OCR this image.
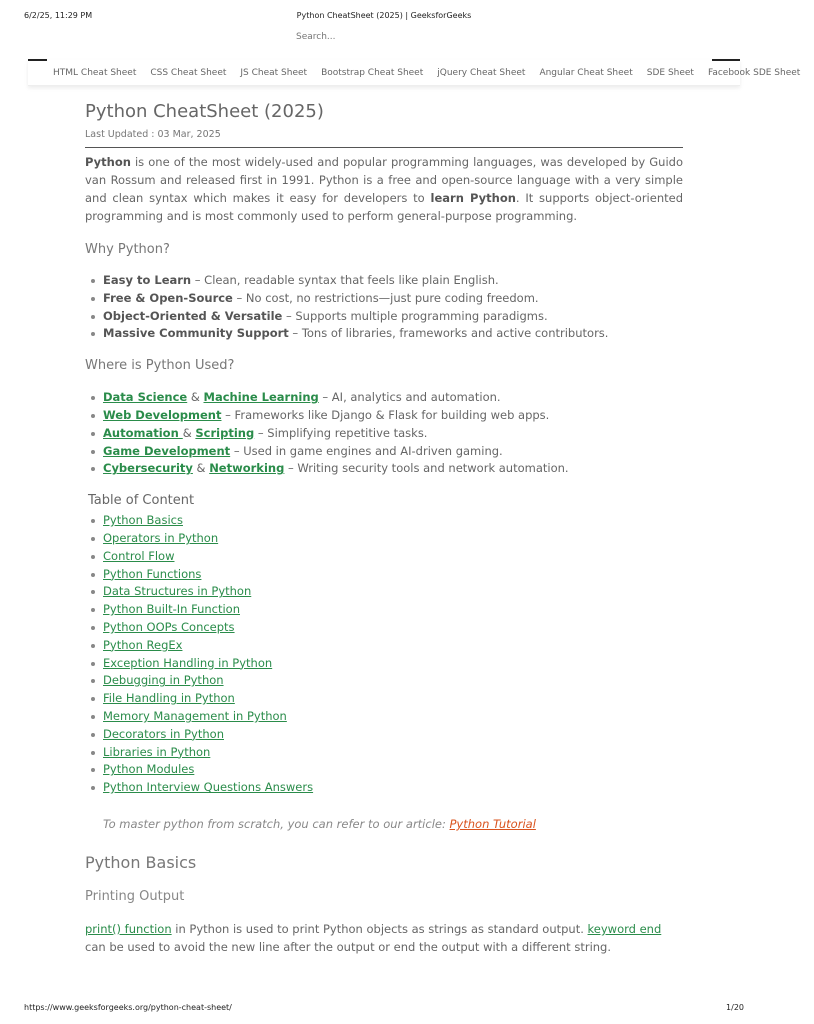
6/2/25, 11:29 PM	Python CheatSheet (2025) | GeeksforGeeks
Search...
HTML Cheat Sheet	CSS Cheat Sheet	JS Cheat Sheet	Bootstrap Cheat Sheet	jQuery Cheat Sheet	Angular Cheat Sheet	SDE Sheet	Facebook SDE Sheet
Python CheatSheet (2025)
Last Updated : 03 Mar, 2025

Python is one of the most widely-used and popular programming languages, was developed by Guido van Rossum and released first in 1991. Python is a free and open-source language with a very simple and clean syntax which makes it easy for developers to learn Python. It supports object-oriented programming and is most commonly used to perform general-purpose programming.

Why Python?
Easy to Learn – Clean, readable syntax that feels like plain English.
Free & Open-Source – No cost, no restrictions—just pure coding freedom.
Object-Oriented & Versatile – Supports multiple programming paradigms.
Massive Community Support – Tons of libraries, frameworks and active contributors.
Where is Python Used?
Data Science & Machine Learning – AI, analytics and automation.
Web Development – Frameworks like Django & Flask for building web apps.
Automation & Scripting – Simplifying repetitive tasks.
Game Development – Used in game engines and AI-driven gaming.
Cybersecurity & Networking – Writing security tools and network automation.
Table of Content
Python Basics
Operators in Python
Control Flow
Python Functions
Data Structures in Python
Python Built-In Function
Python OOPs Concepts
Python RegEx
Exception Handling in Python
Debugging in Python
File Handling in Python
Memory Management in Python
Decorators in Python
Libraries in Python
Python Modules
Python Interview Questions Answers

To master python from scratch, you can refer to our article: Python Tutorial

Python Basics
Printing Output

print() function in Python is used to print Python objects as strings as standard output. keyword end can be used to avoid the new line after the output or end the output with a different string.

https://www.geeksforgeeks.org/python-cheat-sheet/	1/20
